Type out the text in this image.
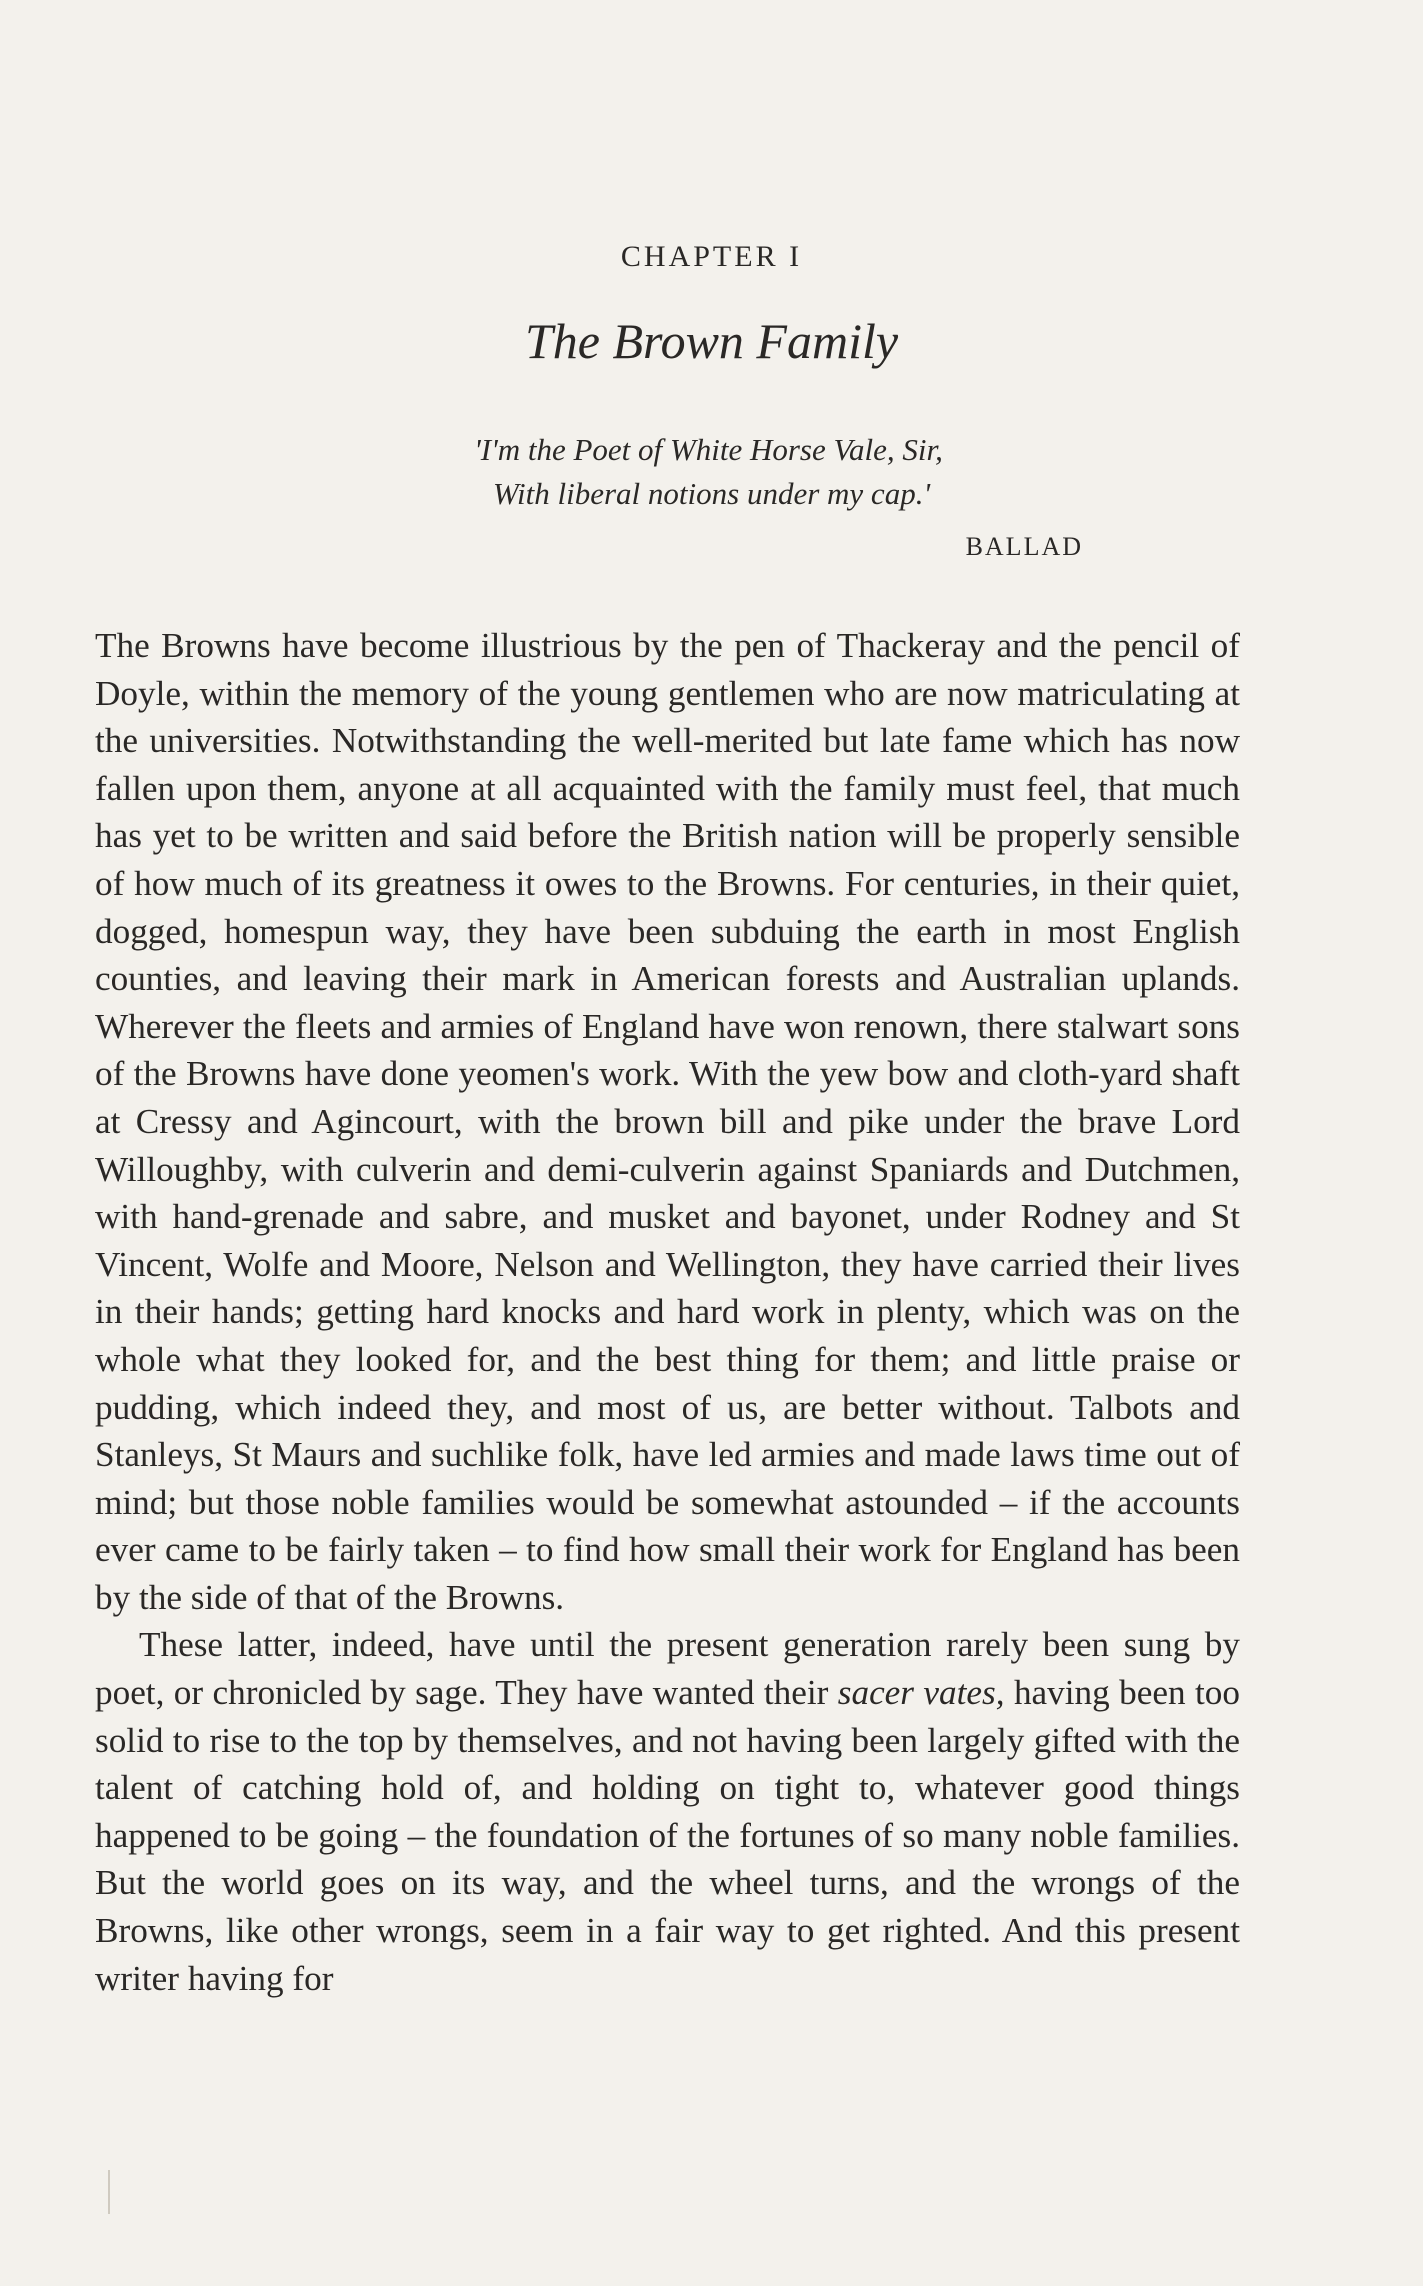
CHAPTER I
The Brown Family
'I'm the Poet of White Horse Vale, Sir,
With liberal notions under my cap.'
BALLAD

The Browns have become illustrious by the pen of Thackeray and the pencil of Doyle, within the memory of the young gentlemen who are now matriculating at the universities. Notwithstanding the well-merited but late fame which has now fallen upon them, anyone at all acquainted with the family must feel, that much has yet to be written and said before the British nation will be properly sensible of how much of its greatness it owes to the Browns. For centuries, in their quiet, dogged, homespun way, they have been subduing the earth in most English counties, and leaving their mark in American forests and Australian uplands. Wherever the fleets and armies of England have won renown, there stalwart sons of the Browns have done yeomen's work. With the yew bow and cloth-yard shaft at Cressy and Agincourt, with the brown bill and pike under the brave Lord Willoughby, with culverin and demi-culverin against Spaniards and Dutchmen, with hand-grenade and sabre, and musket and bayonet, under Rodney and St Vincent, Wolfe and Moore, Nelson and Wellington, they have carried their lives in their hands; getting hard knocks and hard work in plenty, which was on the whole what they looked for, and the best thing for them; and little praise or pudding, which indeed they, and most of us, are better without. Talbots and Stanleys, St Maurs and suchlike folk, have led armies and made laws time out of mind; but those noble families would be somewhat astounded – if the accounts ever came to be fairly taken – to find how small their work for England has been by the side of that of the Browns.

These latter, indeed, have until the present generation rarely been sung by poet, or chronicled by sage. They have wanted their sacer vates, having been too solid to rise to the top by themselves, and not having been largely gifted with the talent of catching hold of, and holding on tight to, whatever good things happened to be going – the foundation of the fortunes of so many noble families. But the world goes on its way, and the wheel turns, and the wrongs of the Browns, like other wrongs, seem in a fair way to get righted. And this present writer having for
